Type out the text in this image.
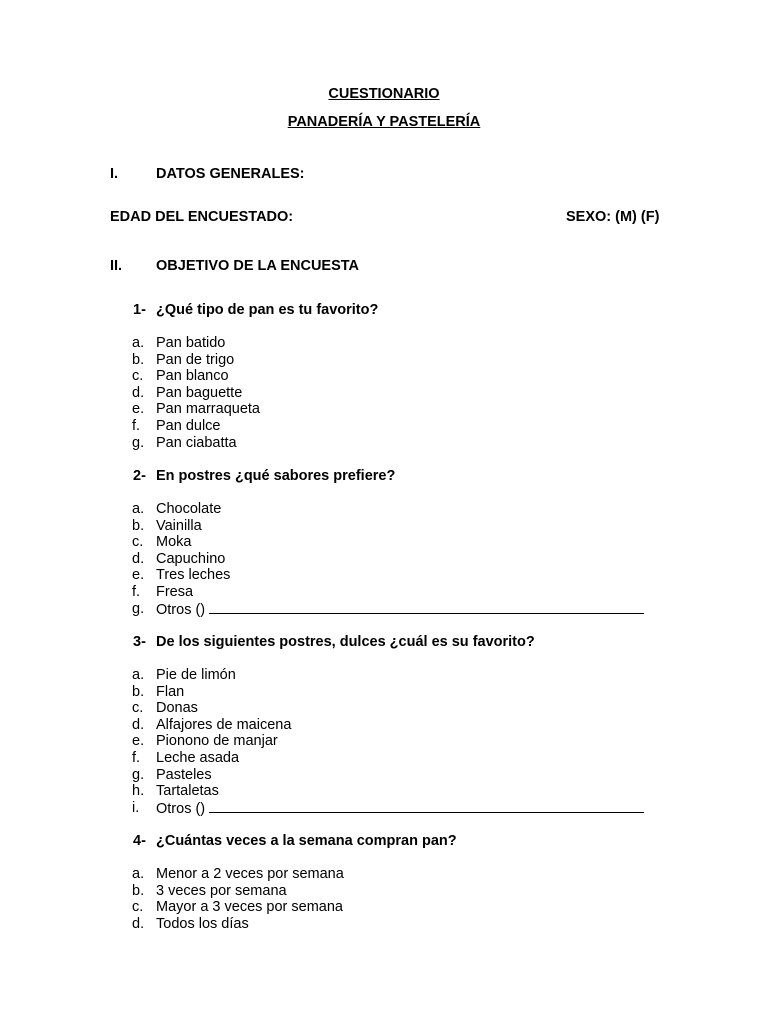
CUESTIONARIO
PANADERÍA Y PASTELERÍA
I.	DATOS GENERALES:
EDAD DEL ENCUESTADO:	SEXO: (M) (F)
II. OBJETIVO DE LA ENCUESTA
1- ¿Qué tipo de pan es tu favorito?
a. Pan batido
b. Pan de trigo
c. Pan blanco
d. Pan baguette
e. Pan marraqueta
f.	Pan dulce
g. Pan ciabatta
2- En postres ¿qué sabores prefiere?
a. Chocolate
b. Vainilla
c. Moka
d. Capuchino
e. Tres leches
f.	Fresa
g. Otros ()
3- De los siguientes postres, dulces ¿cuál es su favorito?
a. Pie de limón
b. Flan
c. Donas
d. Alfajores de maicena
e. Pionono de manjar
f.	Leche asada
g. Pasteles
h. Tartaletas
i.	Otros ()
4- ¿Cuántas veces a la semana compran pan?
a. Menor a 2 veces por semana
b. 3 veces por semana
c. Mayor a 3 veces por semana
d. Todos los días
